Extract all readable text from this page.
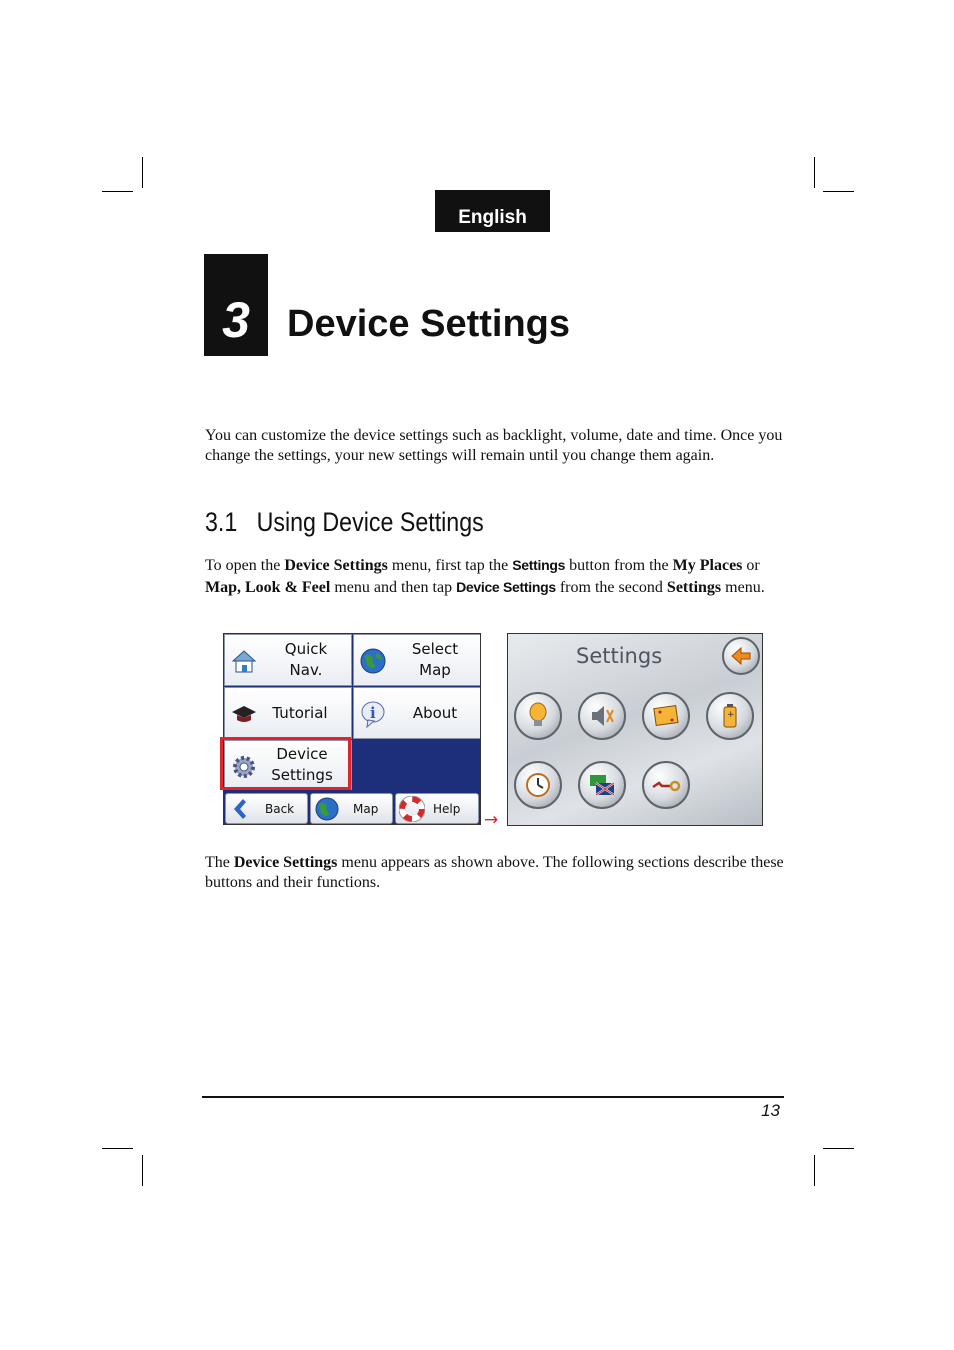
English
3 Device Settings

You can customize the device settings such as backlight, volume, date and time. Once you change the settings, your new settings will remain until you change them again.

3.1 Using Device Settings

To open the Device Settings menu, first tap the Settings button from the My Places or Map, Look & Feel menu and then tap Device Settings from the second Settings menu.

Quick
Nav.
Select
Map
Tutorial	i	About
Device
Settings
Back	Map	Help
→
Settings
+

The Device Settings menu appears as shown above. The following sections describe these buttons and their functions.

13
